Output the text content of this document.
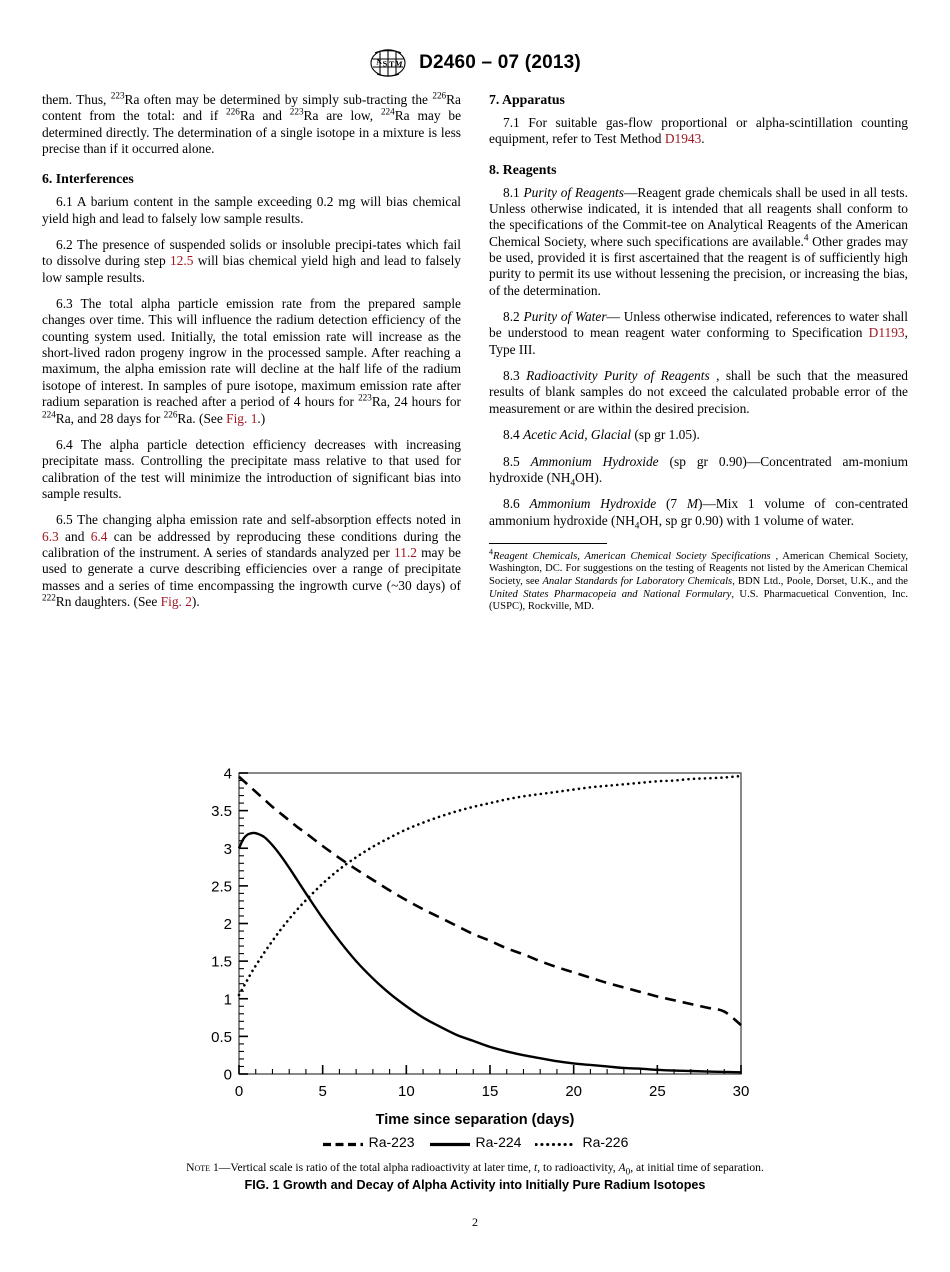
A S T M D2460 – 07 (2013)

them. Thus, $^{223}$Ra often may be determined by simply sub-tracting the $^{226}$Ra content from the total: and if $^{226}$Ra and $^{223}$Ra are low, $^{224}$Ra may be determined directly. The determination of a single isotope in a mixture is less precise than if it occurred alone.

6. Interferences

6.1 A barium content in the sample exceeding 0.2 mg will bias chemical yield high and lead to falsely low sample results.

6.2 The presence of suspended solids or insoluble precipi-tates which fail to dissolve during step 12.5 will bias chemical yield high and lead to falsely low sample results.

6.3 The total alpha particle emission rate from the prepared sample changes over time. This will influence the radium detection efficiency of the counting system used. Initially, the total emission rate will increase as the short-lived radon progeny ingrow in the processed sample. After reaching a maximum, the alpha emission rate will decline at the half life of the radium isotope of interest. In samples of pure isotope, maximum emission rate after radium separation is reached after a period of 4 hours for $^{223}$Ra, 24 hours for $^{224}$Ra, and 28 days for $^{226}$Ra. (See Fig. 1.)

6.4 The alpha particle detection efficiency decreases with increasing precipitate mass. Controlling the precipitate mass relative to that used for calibration of the test will minimize the introduction of significant bias into sample results.

6.5 The changing alpha emission rate and self-absorption effects noted in 6.3 and 6.4 can be addressed by reproducing these conditions during the calibration of the instrument. A series of standards analyzed per 11.2 may be used to generate a curve describing efficiencies over a range of precipitate masses and a series of time encompassing the ingrowth curve (~30 days) of $^{222}$Rn daughters. (See Fig. 2).

7. Apparatus

7.1 For suitable gas-flow proportional or alpha-scintillation counting equipment, refer to Test Method D1943.

8. Reagents

8.1 Purity of Reagents—Reagent grade chemicals shall be used in all tests. Unless otherwise indicated, it is intended that all reagents shall conform to the specifications of the Commit-tee on Analytical Reagents of the American Chemical Society, where such specifications are available.$^4$ Other grades may be used, provided it is first ascertained that the reagent is of sufficiently high purity to permit its use without lessening the precision, or increasing the bias, of the determination.

8.2 Purity of Water— Unless otherwise indicated, references to water shall be understood to mean reagent water conforming to Specification D1193, Type III.

8.3 Radioactivity Purity of Reagents , shall be such that the measured results of blank samples do not exceed the calculated probable error of the measurement or are within the desired precision.

8.4 Acetic Acid, Glacial (sp gr 1.05).

8.5 Ammonium Hydroxide (sp gr 0.90)—Concentrated am-monium hydroxide $(NH_4OH)$.

8.6 Ammonium Hydroxide (7 M)—Mix 1 volume of con-centrated ammonium hydroxide ($NH_4OH$, sp gr 0.90) with 1 volume of water.

$^4$Reagent Chemicals, American Chemical Society Specifications , American Chemical Society, Washington, DC. For suggestions on the testing of Reagents not listed by the American Chemical Society, see Analar Standards for Laboratory Chemicals, BDN Ltd., Poole, Dorset, U.K., and the United States Pharmacopeia and National Formulary, U.S. Pharmacuetical Convention, Inc. (USPC), Rockville, MD.

0	5	10	15	20	25	30
0
0.5
1
1.5
2
2.5
3
3.5
4
Time since separation (days)
Ra-223	Ra-224	Ra-226
Note 1—Vertical scale is ratio of the total alpha radioactivity at later time, t, to radioactivity, $A_0$, at initial time of separation.
FIG. 1 Growth and Decay of Alpha Activity into Initially Pure Radium Isotopes
2
